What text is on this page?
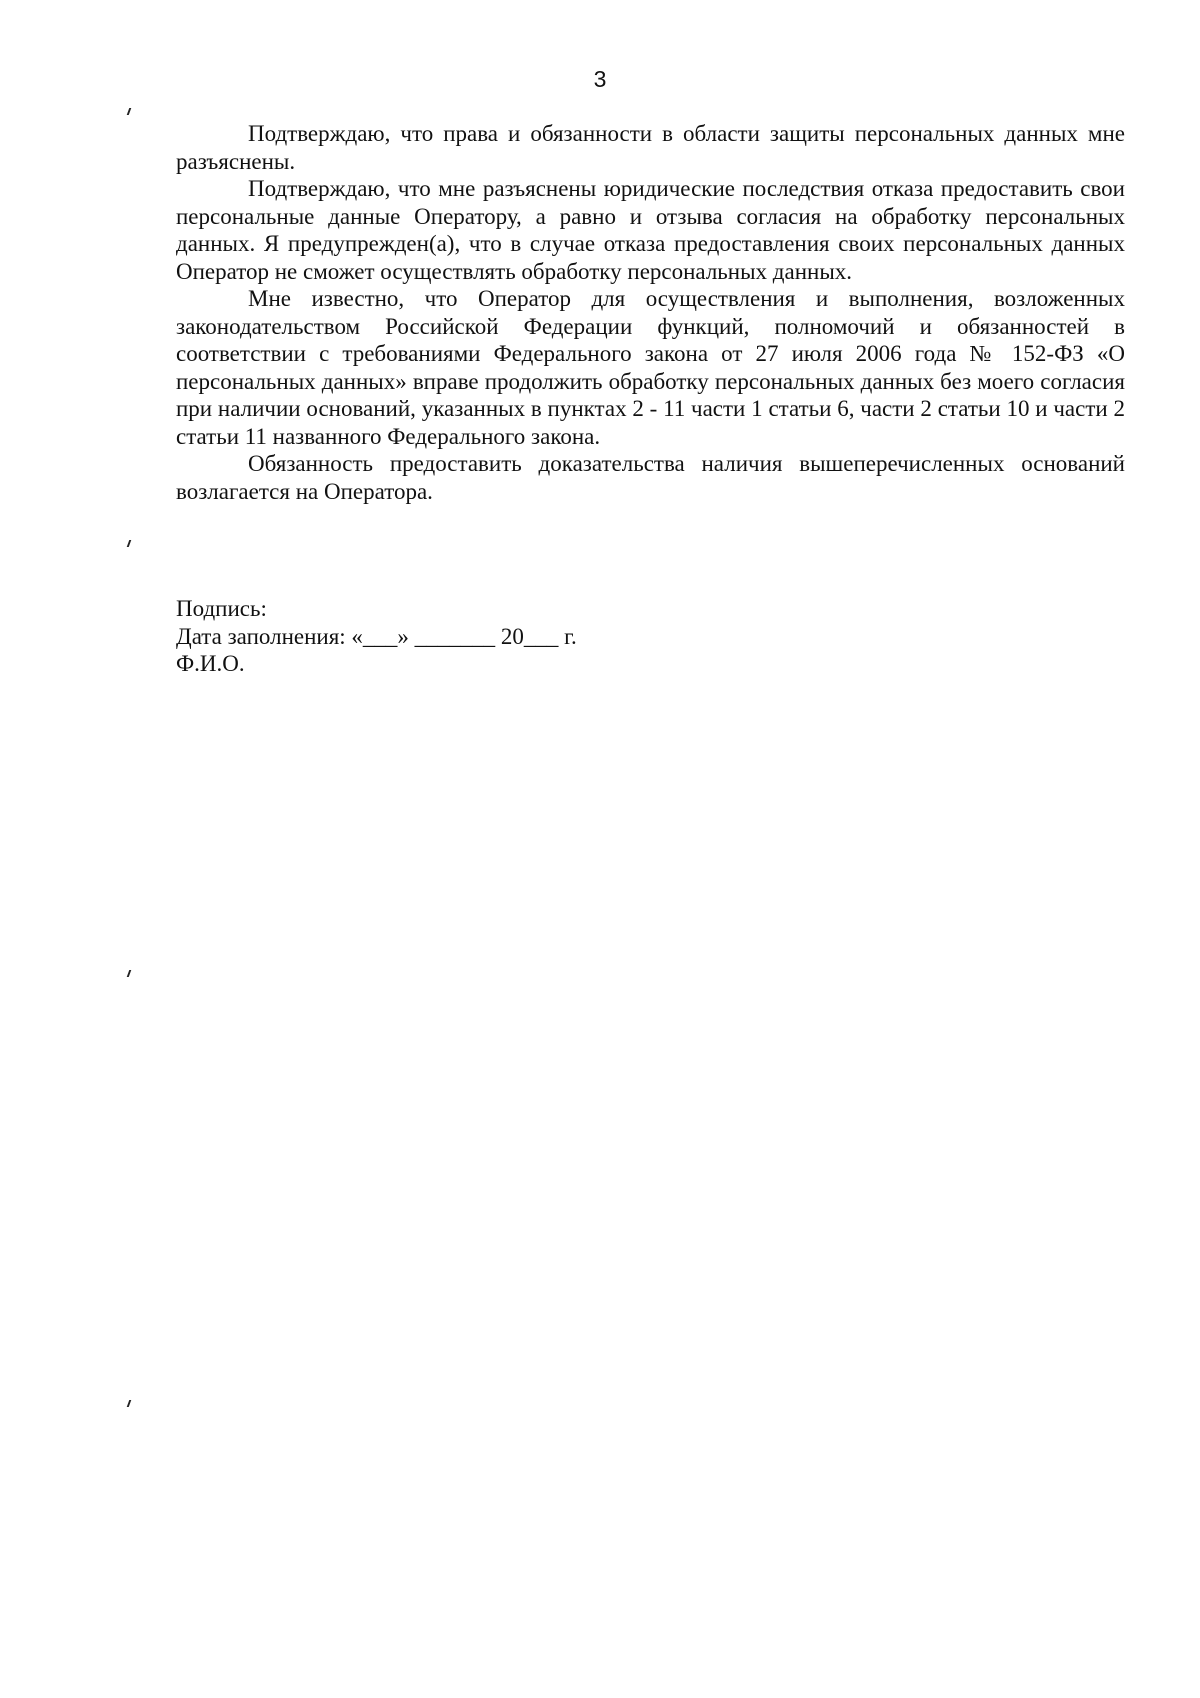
3

Подтверждаю, что права и обязанности в области защиты персональных данных мне разъяснены.

Подтверждаю, что мне разъяснены юридические последствия отказа предоставить свои персональные данные Оператору, а равно и отзыва согласия на обработку персональных данных. Я предупрежден(а), что в случае отказа предоставления своих персональных данных Оператор не сможет осуществлять обработку персональных данных.

Мне известно, что Оператор для осуществления и выполнения, возложенных законодательством Российской Федерации функций, полномочий и обязанностей в соответствии с требованиями Федерального закона от 27 июля 2006 года № 152-ФЗ «О персональных данных» вправе продолжить обработку персональных данных без моего согласия при наличии оснований, указанных в пунктах 2 - 11 части 1 статьи 6, части 2 статьи 10 и части 2 статьи 11 названного Федерального закона.

Обязанность предоставить доказательства наличия вышеперечисленных оснований возлагается на Оператора.

Подпись:
Дата заполнения: «___» _______ 20___ г.
Ф.И.О.
